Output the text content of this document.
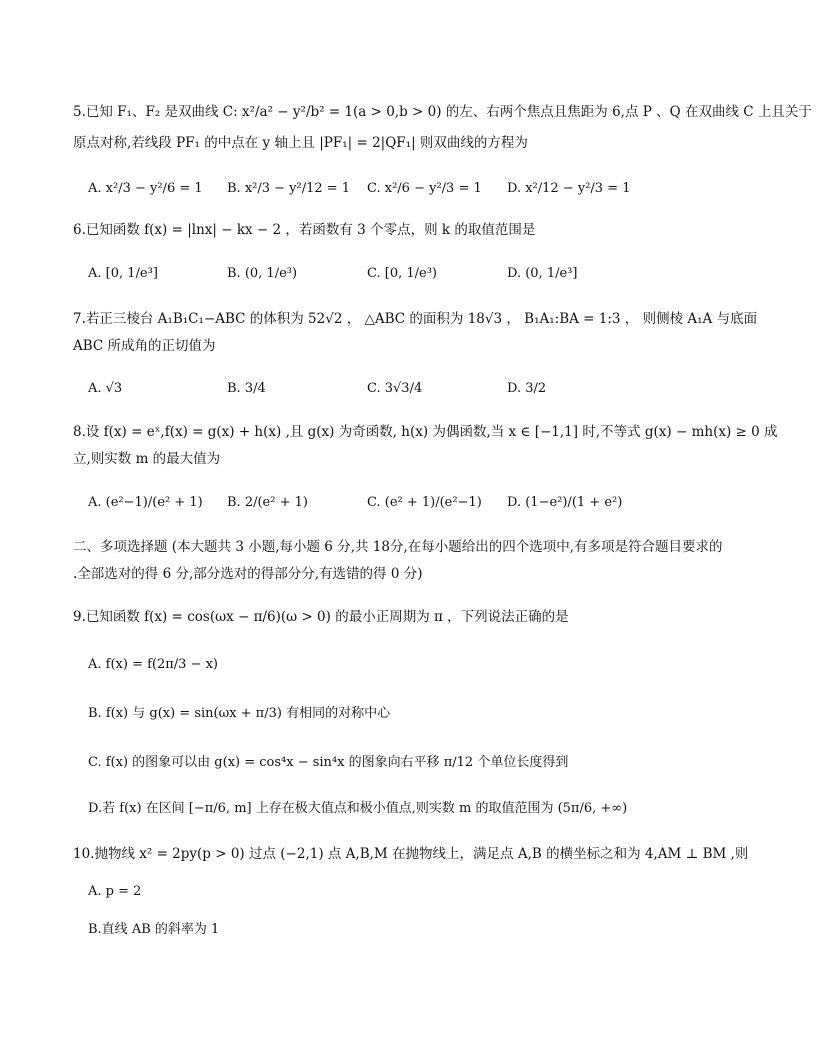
5.已知 F₁、F₂ 是双曲线 C: x²/a² − y²/b² = 1(a > 0,b > 0) 的左、右两个焦点且焦距为 6,点 P 、Q 在双曲线 C 上且关于
原点对称,若线段 PF₁ 的中点在 y 轴上且 |PF₁| = 2|QF₁| 则双曲线的方程为
A. x²/3 − y²/6 = 1 B. x²/3 − y²/12 = 1 C. x²/6 − y²/3 = 1 D. x²/12 − y²/3 = 1
6.已知函数 f(x) = |lnx| − kx − 2 ，若函数有 3 个零点，则 k 的取值范围是
A. [0, 1/e³]	B. (0, 1/e³)	C. [0, 1/e³)	D. (0, 1/e³]
7.若正三棱台 A₁B₁C₁−ABC 的体积为 52√2 ， △ABC 的面积为 18√3 ， B₁A₁:BA = 1:3 ， 则侧棱 A₁A 与底面
ABC 所成角的正切值为
A. √3	B. 3/4	C. 3√3/4	D. 3/2
8.设 f(x) = eˣ,f(x) = g(x) + h(x) ,且 g(x) 为奇函数, h(x) 为偶函数,当 x ∈ [−1,1] 时,不等式 g(x) − mh(x) ≥ 0 成
立,则实数 m 的最大值为
A. (e²−1)/(e² + 1) B. 2/(e² + 1)	C. (e² + 1)/(e²−1) D. (1−e²)/(1 + e²)
二、多项选择题 (本大题共 3 小题,每小题 6 分,共 18分,在每小题给出的四个选项中,有多项是符合题目要求的
.全部选对的得 6 分,部分选对的得部分分,有选错的得 0 分)
9.已知函数 f(x) = cos(ωx − π/6)(ω > 0) 的最小正周期为 π ，下列说法正确的是
A. f(x) = f(2π/3 − x)
B. f(x) 与 g(x) = sin(ωx + π/3) 有相同的对称中心
C. f(x) 的图象可以由 g(x) = cos⁴x − sin⁴x 的图象向右平移 π/12 个单位长度得到
D.若 f(x) 在区间 [−π/6, m] 上存在极大值点和极小值点,则实数 m 的取值范围为 (5π/6, +∞)
10.抛物线 x² = 2py(p > 0) 过点 (−2,1) 点 A,B,M 在抛物线上，满足点 A,B 的横坐标之和为 4,AM ⊥ BM ,则
A. p = 2
B.直线 AB 的斜率为 1
